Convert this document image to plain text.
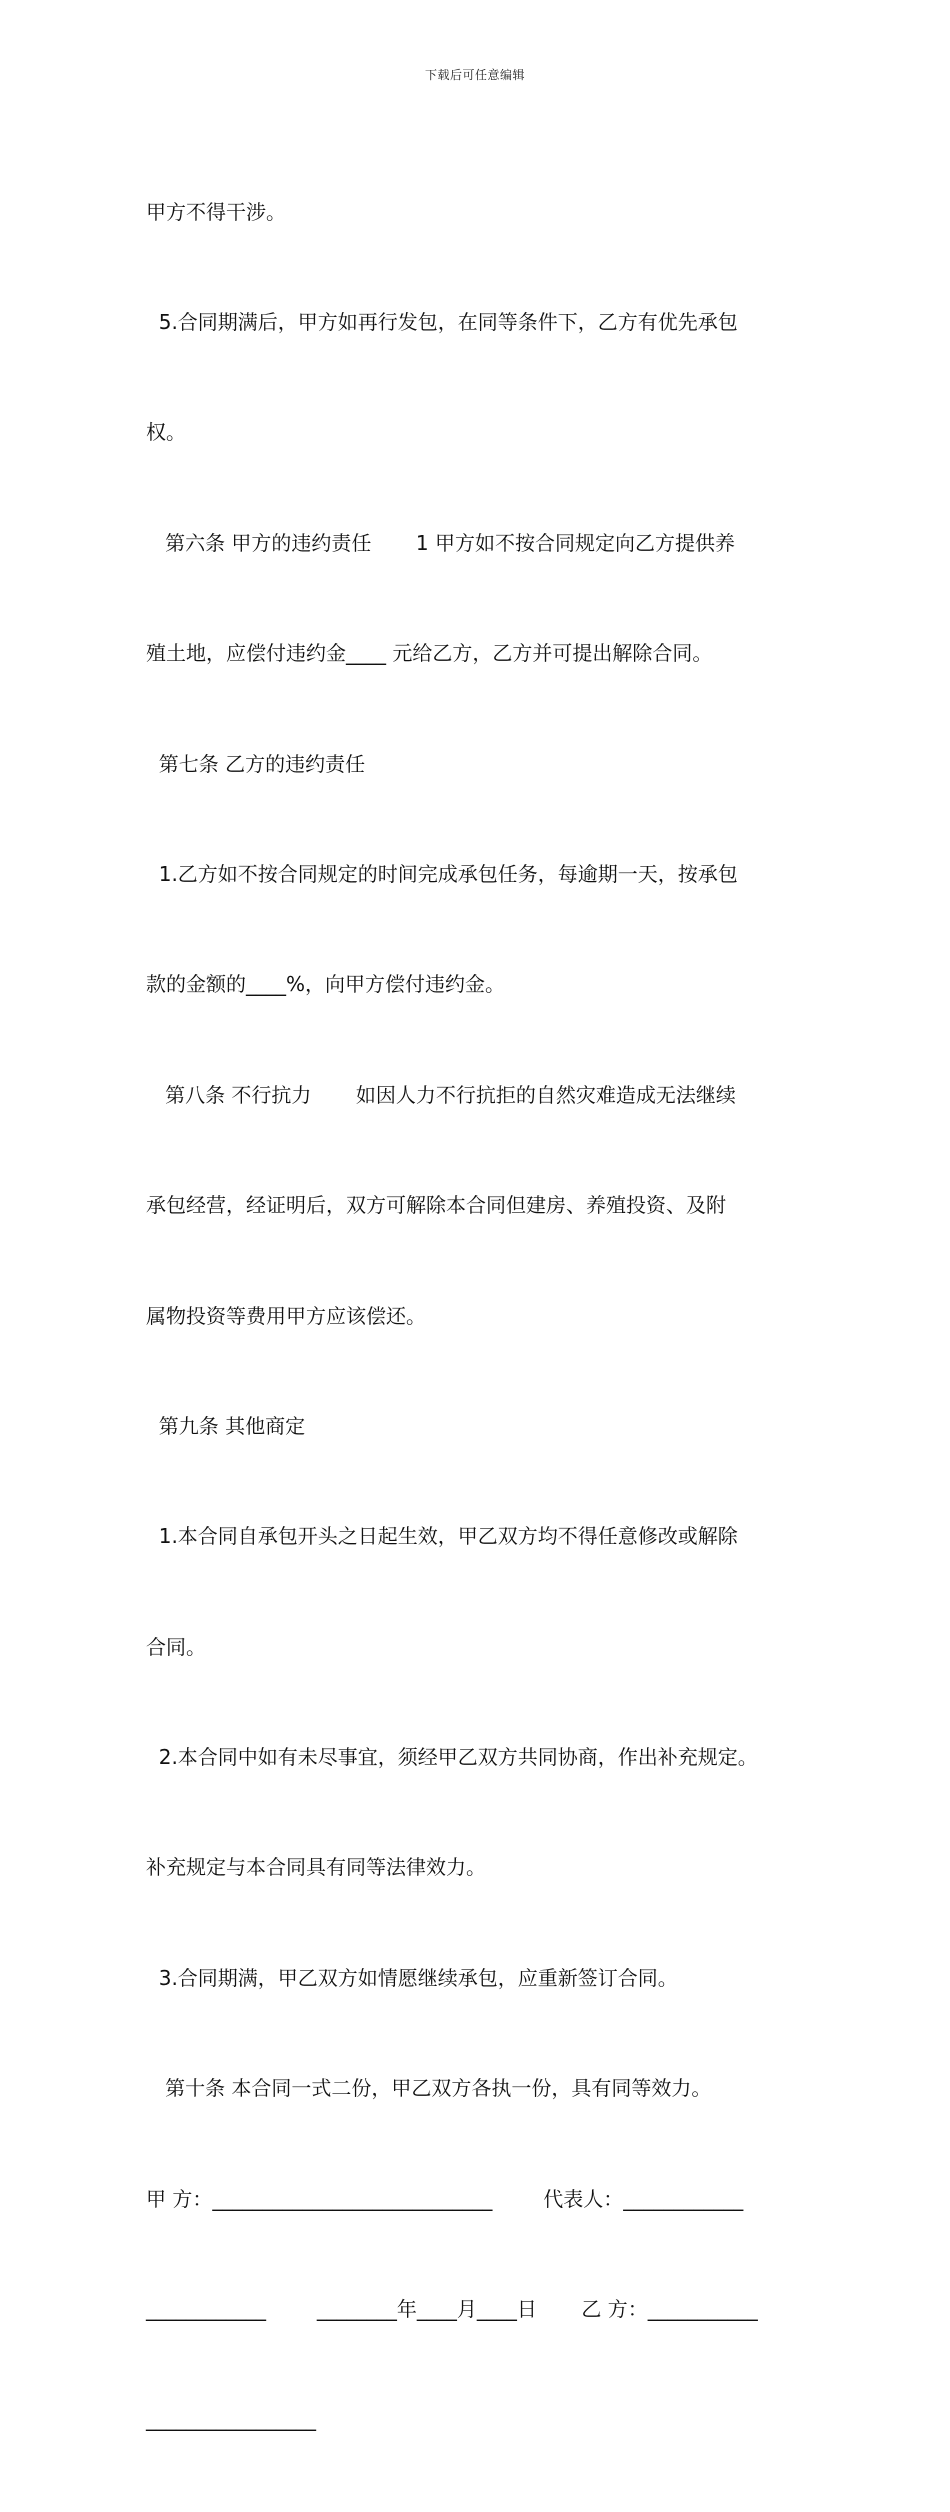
下载后可任意编辑

甲方不得干涉。

5.合同期满后，甲方如再行发包，在同等条件下，乙方有优先承包

权。

第六条 甲方的违约责任       1 甲方如不按合同规定向乙方提供养

殖土地，应偿付违约金____ 元给乙方，乙方并可提出解除合同。

第七条 乙方的违约责任

1.乙方如不按合同规定的时间完成承包任务，每逾期一天，按承包

款的金额的____%，向甲方偿付违约金。

第八条 不行抗力       如因人力不行抗拒的自然灾难造成无法继续

承包经营，经证明后，双方可解除本合同但建房、养殖投资、及附

属物投资等费用甲方应该偿还。

第九条 其他商定

1.本合同自承包开头之日起生效，甲乙双方均不得任意修改或解除

合同。

2.本合同中如有未尽事宜，须经甲乙双方共同协商，作出补充规定。

补充规定与本合同具有同等法律效力。

3.合同期满，甲乙双方如情愿继续承包，应重新签订合同。

第十条 本合同一式二份，甲乙双方各执一份，具有同等效力。

甲 方：____________________________        代表人：____________

____________        ________年____月____日       乙 方：___________

_________________
